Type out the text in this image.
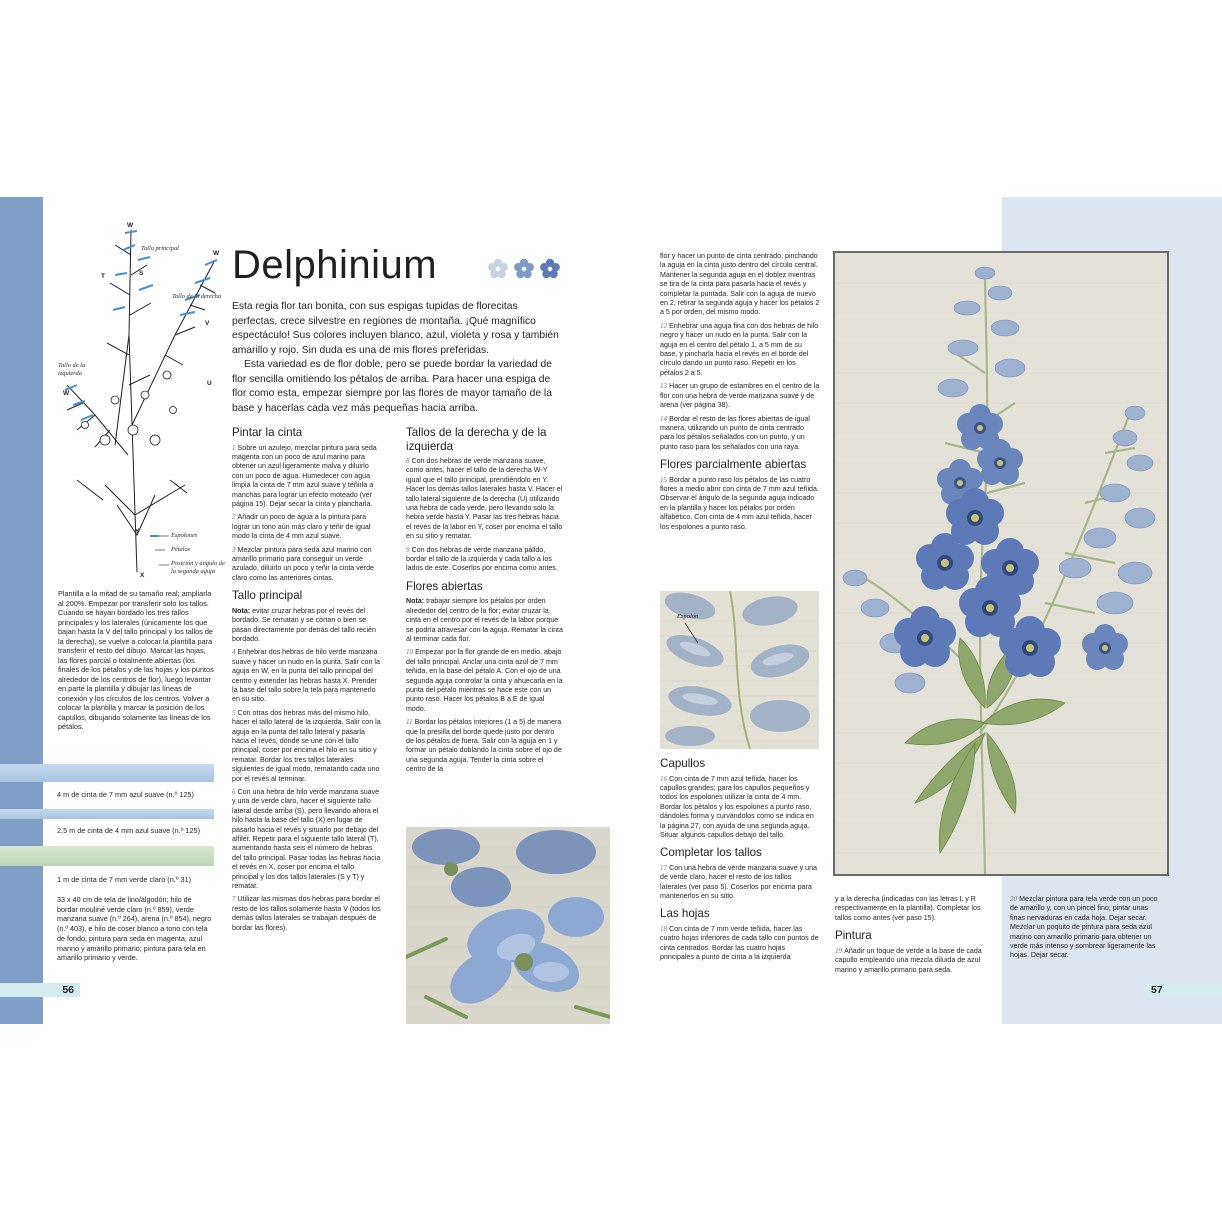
Delphinium

Esta regia flor tan bonita, con sus espigas tupidas de florecitas perfectas, crece silvestre en regiones de montaña. ¡Qué magnífico espectáculo! Sus colores incluyen blanco, azul, violeta y rosa y también amarillo y rojo. Sin duda es una de mis flores preferidas.

Esta variedad es de flor doble, pero se puede bordar la variedad de flor sencilla omitiendo los pétalos de arriba. Para hacer una espiga de flor como esta, empezar siempre por las flores de mayor tamaño de la base y hacerlas cada vez más pequeñas hacia arriba.

W
T	S
W
V
U
W
X
Y
Tallo principal
Tallo de la derecha
Tallo de la izquierda
Espolones
Pétalos
Posición y ángulo de la segunda aguja
Plantilla a la mitad de su tamaño real; ampliarla al 200%. Empezar por transferir solo los tallos. Cuando se hayan bordado los tres tallos principales y los laterales (únicamente los que bajan hasta la V del tallo principal y los tallos de la derecha), se vuelve a colocar la plantilla para transferir el resto del dibujo. Marcar las hojas, las flores parcial o totalmente abiertas (los finales de los pétalos y de las hojas y los puntos alrededor de los centros de flor), luego levantar en parte la plantilla y dibujar las líneas de conexión y los círculos de los centros. Volver a colocar la plantilla y marcar la posición de los capullos, dibujando solamente las líneas de los pétalos.
4 m de cinta de 7 mm azul suave (n.º 125)
2,5 m de cinta de 4 mm azul suave (n.º 125)
1 m de cinta de 7 mm verde claro (n.º 31)
33 x 40 cm de tela de lino/algodón; hilo de bordar mouliné verde claro (n.º 859), verde manzana suave (n.º 264), arena (n.º 854), negro (n.º 403), e hilo de coser blanco a tono con tela de fondo; pintura para seda en magenta, azul marino y amarillo primario; pintura para tela en amarillo primario y verde.
56
Pintar la cinta

1 Sobre un azulejo, mezclar pintura para seda magenta con un poco de azul marino para obtener un azul ligeramente malva y diluirlo con un poco de agua. Humedecer con agua limpia la cinta de 7 mm azul suave y teñirla a manchas para lograr un efecto moteado (ver página 15). Dejar secar la cinta y plancharla.

2 Añadir un poco de agua a la pintura para lograr un tono aún más claro y teñir de igual modo la cinta de 4 mm azul suave.

3 Mezclar pintura para seda azul marino con amarillo primario para conseguir un verde azulado, diluirlo un poco y teñir la cinta verde claro como las anteriores cintas.

Tallo principal

Nota: evitar cruzar hebras por el revés del bordado. Se rematan y se cortan o bien se pasan directamente por detrás del tallo recién bordado.

4 Enhebrar dos hebras de hilo verde manzana suave y hacer un nudo en la punta. Salir con la aguja en W, en la punta del tallo principal del centro y extender las hebras hasta X. Prender la base del tallo sobre la tela para mantenerlo en su sitio.

5 Con otras dos hebras más del mismo hilo, hacer el tallo lateral de la izquierda. Salir con la aguja en la punta del tallo lateral y pasarla hacia el revés, donde se une con el tallo principal, coser por encima el hilo en su sitio y rematar. Bordar los tres tallos laterales siguientes de igual modo, rematando cada uno por el revés al terminar.

6 Con una hebra de hilo verde manzana suave y una de verde claro, hacer el siguiente tallo lateral desde arriba (S), pero llevando ahora el hilo hasta la base del tallo (X) en lugar de pasarlo hacia el revés y situarlo por debajo del alfiler. Repetir para el siguiente tallo lateral (T), aumentando hasta seis el número de hebras del tallo principal. Pasar todas las hebras hacia el revés en X, coser por encima el tallo principal y los dos tallos laterales (S y T) y rematar.

7 Utilizar las mismas dos hebras para bordar el resto de los tallos solamente hasta V (todos los demás tallos laterales se trabajan después de bordar las flores).

Tallos de la derecha y de la izquierda

8 Con dos hebras de verde manzana suave, como antes, hacer el tallo de la derecha W-Y igual que el tallo principal, prendiéndolo en Y. Hacer los demás tallos laterales hasta V. Hacer el tallo lateral siguiente de la derecha (U) utilizando una hebra de cada verde, pero llevando solo la hebra verde hasta Y. Pasar las tres hebras hacia el revés de la labor en Y, coser por encima el tallo en su sitio y rematar.

9 Con dos hebras de verde manzana pálido, bordar el tallo de la izquierda y cada tallo a los lados de este. Coserlos por encima como antes.

Flores abiertas

Nota: trabajar siempre los pétalos por orden alrededor del centro de la flor; evitar cruzar la cinta en el centro por el revés de la labor porque se podría atravesar con la aguja. Rematar la cinta al terminar cada flor.

10 Empezar por la flor grande de en medio, abajo del tallo principal. Anclar una cinta azul de 7 mm teñida, en la base del pétalo A. Con el ojo de una segunda aguja controlar la cinta y ahuecarla en la punta del pétalo mientras se hace este con un punto raso. Hacer los pétalos B a E de igual modo.

11 Bordar los pétalos interiores (1 a 5) de manera que la presilla del borde quede justo por dentro de los pétalos de fuera. Salir con la aguja en 1 y formar un pétalo doblando la cinta sobre el ojo de una segunda aguja. Tender la cinta sobre el centro de la

flor y hacer un punto de cinta centrado, pinchando la aguja en la cinta justo dentro del círculo central. Mantener la segunda aguja en el doblez mientras se tira de la cinta para pasarla hacia el revés y completar la puntada. Salir con la aguja de nuevo en 2, retirar la segunda aguja y hacer los pétalos 2 a 5 por orden, del mismo modo.

12 Enhebrar una aguja fina con dos hebras de hilo negro y hacer un nudo en la punta. Salir con la aguja en el centro del pétalo 1, a 5 mm de su base, y pincharla hacia el revés en el borde del círculo dando un punto raso. Repetir en los pétalos 2 a 5.

13 Hacer un grupo de estambres en el centro de la flor con una hebra de verde manzana suave y de arena (ver página 38).

14 Bordar el resto de las flores abiertas de igual manera, utilizando un punto de cinta centrado para los pétalos señalados con un punto, y un punto raso para los señalados con una raya.

Flores parcialmente abiertas

15 Bordar a punto raso los pétalos de las cuatro flores a medio abrir con cinta de 7 mm azul teñida. Observar el ángulo de la segunda aguja indicado en la plantilla y hacer los pétalos por orden alfabético. Con cinta de 4 mm azul teñida, hacer los espolones a punto raso.

Espolón
Capullos

16 Con cinta de 7 mm azul teñida, hacer los capullos grandes; para los capullos pequeños y todos los espolones utilizar la cinta de 4 mm. Bordar los pétalos y los espolones a punto raso, dándoles forma y curvándolos como se indica en la página 27, con ayuda de una segunda aguja. Situar algunos capullos debajo del tallo.

Completar los tallos

17 Con una hebra de verde manzana suave y una de verde claro, hacer el resto de los tallos laterales (ver paso 5). Coserlos por encima para mantenerlos en su sitio.

Las hojas

18 Con cinta de 7 mm verde teñida, hacer las cuatro hojas inferiores de cada tallo con puntos de cinta centrados. Bordar las cuatro hojas principales a punto de cinta a la izquierda

y a la derecha (indicadas con las letras L y R respectivamente en la plantilla). Completar los tallos como antes (ver paso 15).

Pintura

19 Añadir un toque de verde a la base de cada capullo empleando una mezcla diluida de azul marino y amarillo primario para seda.

20 Mezclar pintura para tela verde con un poco de amarillo y, con un pincel fino, pintar unas finas nervaduras en cada hoja. Dejar secar. Mezclar un poquito de pintura para seda azul marino con amarillo primario para obtener un verde más intenso y sombrear ligeramente las hojas. Dejar secar.

57
